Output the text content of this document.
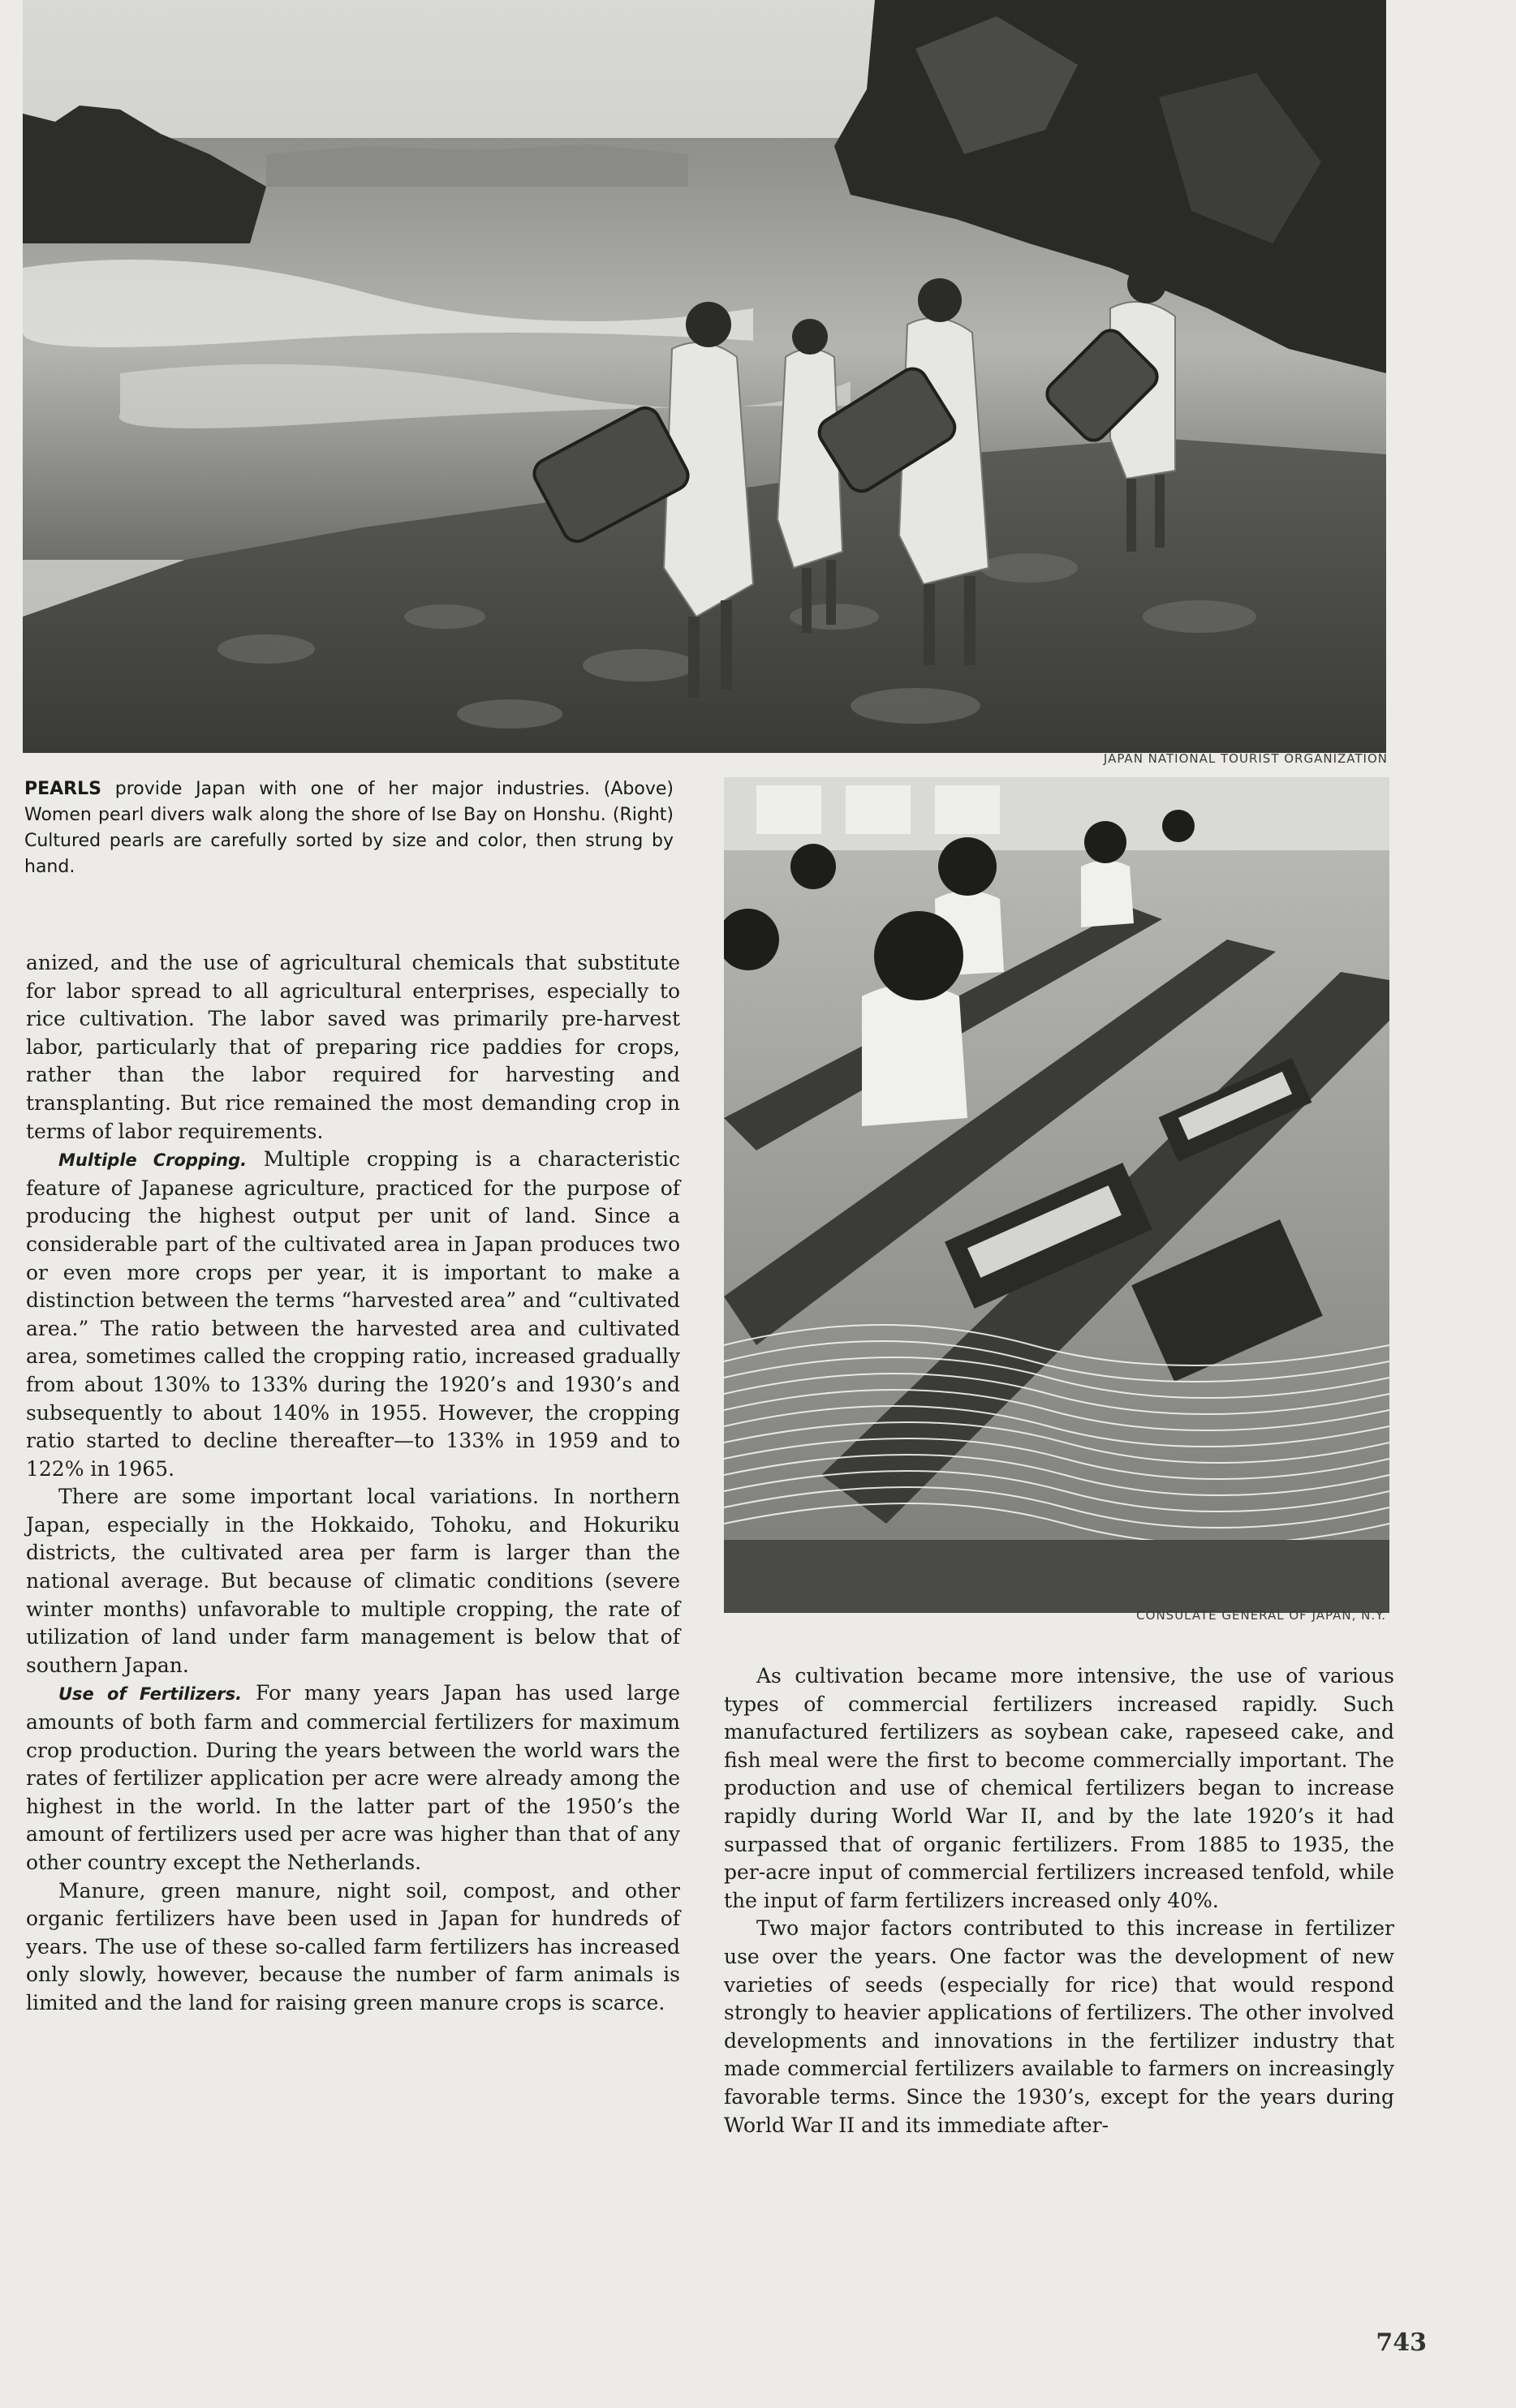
JAPAN NATIONAL TOURIST ORGANIZATION
PEARLS provide Japan with one of her major industries. (Above) Women pearl divers walk along the shore of Ise Bay on Honshu. (Right) Cultured pearls are carefully sorted by size and color, then strung by hand.
CONSULATE GENERAL OF JAPAN, N.Y.

anized, and the use of agricultural chemicals that substitute for labor spread to all agricultural enterprises, especially to rice cultivation. The labor saved was primarily pre-harvest labor, particularly that of preparing rice paddies for crops, rather than the labor required for harvesting and transplanting. But rice remained the most demanding crop in terms of labor requirements.

Multiple Cropping. Multiple cropping is a characteristic feature of Japanese agriculture, practiced for the purpose of producing the highest output per unit of land. Since a considerable part of the cultivated area in Japan produces two or even more crops per year, it is important to make a distinction between the terms “harvested area” and “cultivated area.” The ratio between the harvested area and cultivated area, sometimes called the cropping ratio, increased gradually from about 130% to 133% during the 1920’s and 1930’s and subsequently to about 140% in 1955. However, the cropping ratio started to decline thereafter—to 133% in 1959 and to 122% in 1965.

There are some important local variations. In northern Japan, especially in the Hokkaido, Tohoku, and Hokuriku districts, the cultivated area per farm is larger than the national average. But because of climatic conditions (severe winter months) unfavorable to multiple cropping, the rate of utilization of land under farm management is below that of southern Japan.

Use of Fertilizers. For many years Japan has used large amounts of both farm and commercial fertilizers for maximum crop production. During the years between the world wars the rates of fertilizer application per acre were already among the highest in the world. In the latter part of the 1950’s the amount of fertilizers used per acre was higher than that of any other country except the Netherlands.

Manure, green manure, night soil, compost, and other organic fertilizers have been used in Japan for hundreds of years. The use of these so-called farm fertilizers has increased only slowly, however, because the number of farm animals is limited and the land for raising green manure crops is scarce.

As cultivation became more intensive, the use of various types of commercial fertilizers increased rapidly. Such manufactured fertilizers as soybean cake, rapeseed cake, and fish meal were the first to become commercially important. The production and use of chemical fertilizers began to increase rapidly during World War II, and by the late 1920’s it had surpassed that of organic fertilizers. From 1885 to 1935, the per-acre input of commercial fertilizers increased tenfold, while the input of farm fertilizers increased only 40%.

Two major factors contributed to this increase in fertilizer use over the years. One factor was the development of new varieties of seeds (especially for rice) that would respond strongly to heavier applications of fertilizers. The other involved developments and innovations in the fertilizer industry that made commercial fertilizers available to farmers on increasingly favorable terms. Since the 1930’s, except for the years during World War II and its immediate after-

743
